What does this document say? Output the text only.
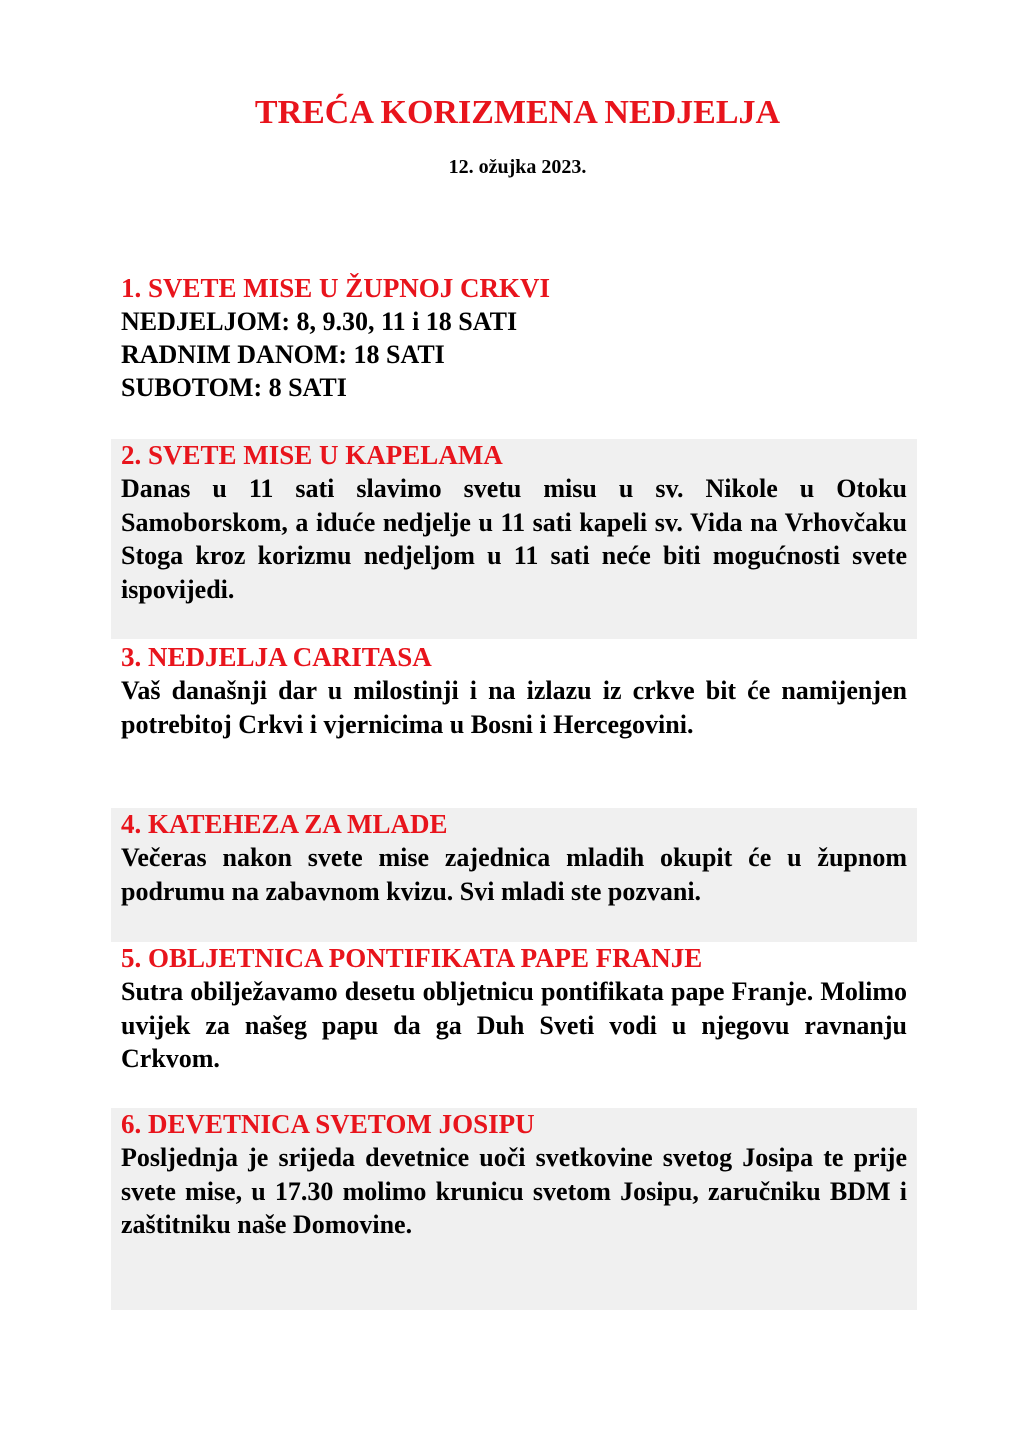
TREĆA KORIZMENA NEDJELJA
12. ožujka 2023.

1. SVETE MISE U ŽUPNOJ CRKVI

NEDJELJOM: 8, 9.30, 11 i 18 SATI

RADNIM DANOM: 18 SATI

SUBOTOM: 8 SATI

2. SVETE MISE U KAPELAMA

Danas u 11 sati slavimo svetu misu u sv. Nikole u Otoku Samoborskom, a iduće nedjelje u 11 sati kapeli sv. Vida na Vrhovčaku Stoga kroz korizmu nedjeljom u 11 sati neće biti mogućnosti svete ispovijedi.

3. NEDJELJA CARITASA

Vaš današnji dar u milostinji i na izlazu iz crkve bit će namijenjen potrebitoj Crkvi i vjernicima u Bosni i Hercegovini.

4. KATEHEZA ZA MLADE

Večeras nakon svete mise zajednica mladih okupit će u župnom podrumu na zabavnom kvizu. Svi mladi ste pozvani.

5. OBLJETNICA PONTIFIKATA PAPE FRANJE

Sutra obilježavamo desetu obljetnicu pontifikata pape Franje. Molimo uvijek za našeg papu da ga Duh Sveti vodi u njegovu ravnanju Crkvom.

6. DEVETNICA SVETOM JOSIPU

Posljednja je srijeda devetnice uoči svetkovine svetog Josipa te prije svete mise, u 17.30 molimo krunicu svetom Josipu, zaručniku BDM i zaštitniku naše Domovine.
